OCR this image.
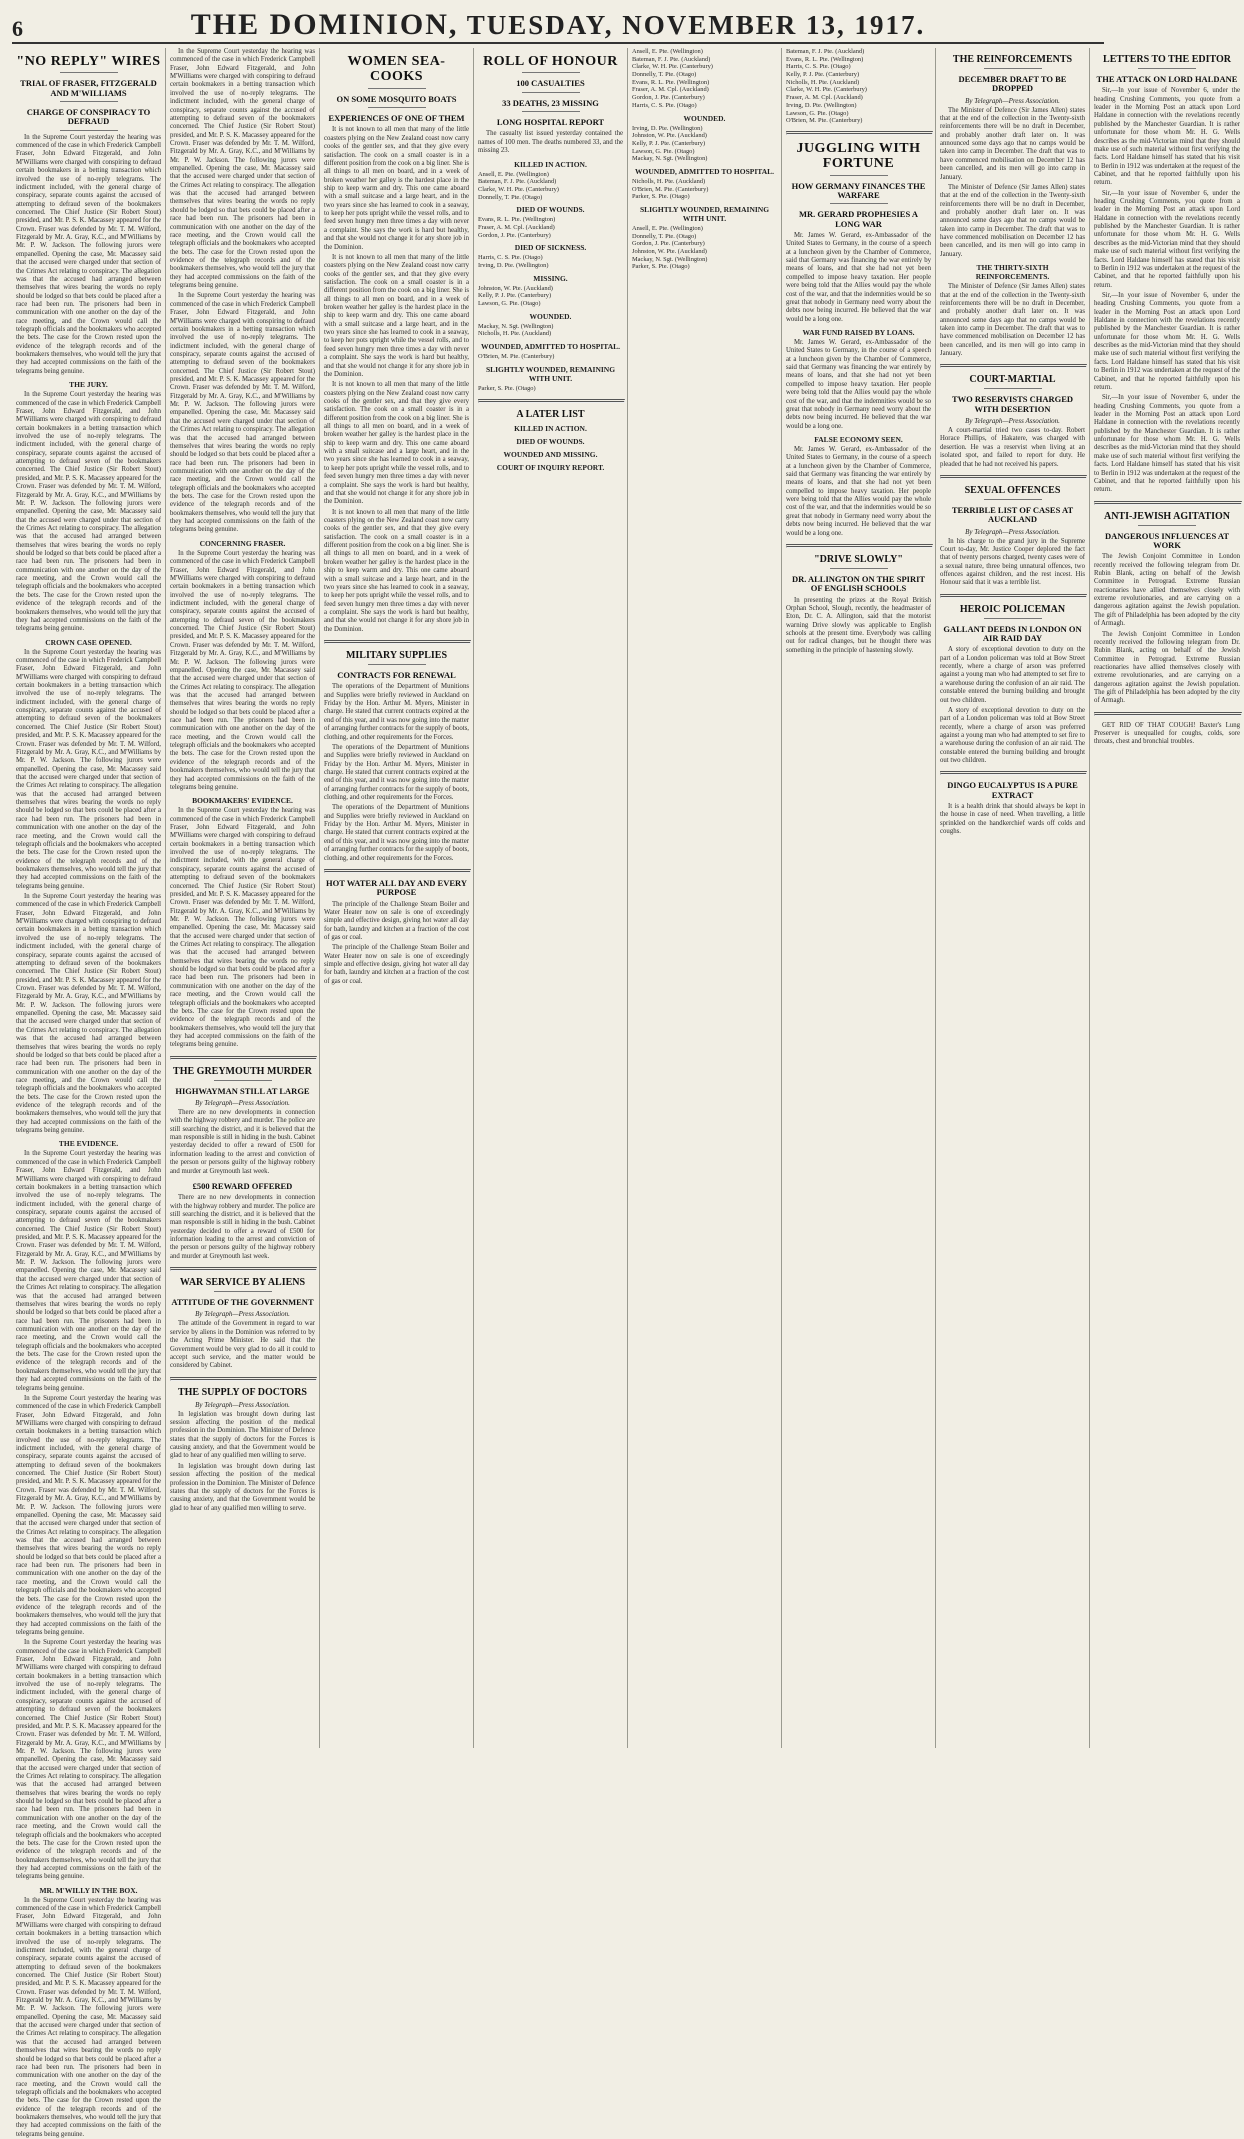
6	THE DOMINION, TUESDAY, NOVEMBER 13, 1917.
"NO REPLY" WIRES
TRIAL OF FRASER, FITZGERALD AND M'WILLIAMS
CHARGE OF CONSPIRACY TO DEFRAUD

In the Supreme Court yesterday the hearing was commenced of the case in which Frederick Campbell Fraser, John Edward Fitzgerald, and John M'Williams were charged with conspiring to defraud certain bookmakers in a betting transaction which involved the use of no-reply telegrams. The indictment included, with the general charge of conspiracy, separate counts against the accused of attempting to defraud seven of the bookmakers concerned. The Chief Justice (Sir Robert Stout) presided, and Mr. P. S. K. Macassey appeared for the Crown. Fraser was defended by Mr. T. M. Wilford, Fitzgerald by Mr. A. Gray, K.C., and M'Williams by Mr. P. W. Jackson. The following jurors were empanelled. Opening the case, Mr. Macassey said that the accused were charged under that section of the Crimes Act relating to conspiracy. The allegation was that the accused had arranged between themselves that wires bearing the words no reply should be lodged so that bets could be placed after a race had been run. The prisoners had been in communication with one another on the day of the race meeting, and the Crown would call the telegraph officials and the bookmakers who accepted the bets. The case for the Crown rested upon the evidence of the telegraph records and of the bookmakers themselves, who would tell the jury that they had accepted commissions on the faith of the telegrams being genuine.

THE JURY.

In the Supreme Court yesterday the hearing was commenced of the case in which Frederick Campbell Fraser, John Edward Fitzgerald, and John M'Williams were charged with conspiring to defraud certain bookmakers in a betting transaction which involved the use of no-reply telegrams. The indictment included, with the general charge of conspiracy, separate counts against the accused of attempting to defraud seven of the bookmakers concerned. The Chief Justice (Sir Robert Stout) presided, and Mr. P. S. K. Macassey appeared for the Crown. Fraser was defended by Mr. T. M. Wilford, Fitzgerald by Mr. A. Gray, K.C., and M'Williams by Mr. P. W. Jackson. The following jurors were empanelled. Opening the case, Mr. Macassey said that the accused were charged under that section of the Crimes Act relating to conspiracy. The allegation was that the accused had arranged between themselves that wires bearing the words no reply should be lodged so that bets could be placed after a race had been run. The prisoners had been in communication with one another on the day of the race meeting, and the Crown would call the telegraph officials and the bookmakers who accepted the bets. The case for the Crown rested upon the evidence of the telegraph records and of the bookmakers themselves, who would tell the jury that they had accepted commissions on the faith of the telegrams being genuine.

CROWN CASE OPENED.

In the Supreme Court yesterday the hearing was commenced of the case in which Frederick Campbell Fraser, John Edward Fitzgerald, and John M'Williams were charged with conspiring to defraud certain bookmakers in a betting transaction which involved the use of no-reply telegrams. The indictment included, with the general charge of conspiracy, separate counts against the accused of attempting to defraud seven of the bookmakers concerned. The Chief Justice (Sir Robert Stout) presided, and Mr. P. S. K. Macassey appeared for the Crown. Fraser was defended by Mr. T. M. Wilford, Fitzgerald by Mr. A. Gray, K.C., and M'Williams by Mr. P. W. Jackson. The following jurors were empanelled. Opening the case, Mr. Macassey said that the accused were charged under that section of the Crimes Act relating to conspiracy. The allegation was that the accused had arranged between themselves that wires bearing the words no reply should be lodged so that bets could be placed after a race had been run. The prisoners had been in communication with one another on the day of the race meeting, and the Crown would call the telegraph officials and the bookmakers who accepted the bets. The case for the Crown rested upon the evidence of the telegraph records and of the bookmakers themselves, who would tell the jury that they had accepted commissions on the faith of the telegrams being genuine.

In the Supreme Court yesterday the hearing was commenced of the case in which Frederick Campbell Fraser, John Edward Fitzgerald, and John M'Williams were charged with conspiring to defraud certain bookmakers in a betting transaction which involved the use of no-reply telegrams. The indictment included, with the general charge of conspiracy, separate counts against the accused of attempting to defraud seven of the bookmakers concerned. The Chief Justice (Sir Robert Stout) presided, and Mr. P. S. K. Macassey appeared for the Crown. Fraser was defended by Mr. T. M. Wilford, Fitzgerald by Mr. A. Gray, K.C., and M'Williams by Mr. P. W. Jackson. The following jurors were empanelled. Opening the case, Mr. Macassey said that the accused were charged under that section of the Crimes Act relating to conspiracy. The allegation was that the accused had arranged between themselves that wires bearing the words no reply should be lodged so that bets could be placed after a race had been run. The prisoners had been in communication with one another on the day of the race meeting, and the Crown would call the telegraph officials and the bookmakers who accepted the bets. The case for the Crown rested upon the evidence of the telegraph records and of the bookmakers themselves, who would tell the jury that they had accepted commissions on the faith of the telegrams being genuine.

THE EVIDENCE.

In the Supreme Court yesterday the hearing was commenced of the case in which Frederick Campbell Fraser, John Edward Fitzgerald, and John M'Williams were charged with conspiring to defraud certain bookmakers in a betting transaction which involved the use of no-reply telegrams. The indictment included, with the general charge of conspiracy, separate counts against the accused of attempting to defraud seven of the bookmakers concerned. The Chief Justice (Sir Robert Stout) presided, and Mr. P. S. K. Macassey appeared for the Crown. Fraser was defended by Mr. T. M. Wilford, Fitzgerald by Mr. A. Gray, K.C., and M'Williams by Mr. P. W. Jackson. The following jurors were empanelled. Opening the case, Mr. Macassey said that the accused were charged under that section of the Crimes Act relating to conspiracy. The allegation was that the accused had arranged between themselves that wires bearing the words no reply should be lodged so that bets could be placed after a race had been run. The prisoners had been in communication with one another on the day of the race meeting, and the Crown would call the telegraph officials and the bookmakers who accepted the bets. The case for the Crown rested upon the evidence of the telegraph records and of the bookmakers themselves, who would tell the jury that they had accepted commissions on the faith of the telegrams being genuine.

In the Supreme Court yesterday the hearing was commenced of the case in which Frederick Campbell Fraser, John Edward Fitzgerald, and John M'Williams were charged with conspiring to defraud certain bookmakers in a betting transaction which involved the use of no-reply telegrams. The indictment included, with the general charge of conspiracy, separate counts against the accused of attempting to defraud seven of the bookmakers concerned. The Chief Justice (Sir Robert Stout) presided, and Mr. P. S. K. Macassey appeared for the Crown. Fraser was defended by Mr. T. M. Wilford, Fitzgerald by Mr. A. Gray, K.C., and M'Williams by Mr. P. W. Jackson. The following jurors were empanelled. Opening the case, Mr. Macassey said that the accused were charged under that section of the Crimes Act relating to conspiracy. The allegation was that the accused had arranged between themselves that wires bearing the words no reply should be lodged so that bets could be placed after a race had been run. The prisoners had been in communication with one another on the day of the race meeting, and the Crown would call the telegraph officials and the bookmakers who accepted the bets. The case for the Crown rested upon the evidence of the telegraph records and of the bookmakers themselves, who would tell the jury that they had accepted commissions on the faith of the telegrams being genuine.

In the Supreme Court yesterday the hearing was commenced of the case in which Frederick Campbell Fraser, John Edward Fitzgerald, and John M'Williams were charged with conspiring to defraud certain bookmakers in a betting transaction which involved the use of no-reply telegrams. The indictment included, with the general charge of conspiracy, separate counts against the accused of attempting to defraud seven of the bookmakers concerned. The Chief Justice (Sir Robert Stout) presided, and Mr. P. S. K. Macassey appeared for the Crown. Fraser was defended by Mr. T. M. Wilford, Fitzgerald by Mr. A. Gray, K.C., and M'Williams by Mr. P. W. Jackson. The following jurors were empanelled. Opening the case, Mr. Macassey said that the accused were charged under that section of the Crimes Act relating to conspiracy. The allegation was that the accused had arranged between themselves that wires bearing the words no reply should be lodged so that bets could be placed after a race had been run. The prisoners had been in communication with one another on the day of the race meeting, and the Crown would call the telegraph officials and the bookmakers who accepted the bets. The case for the Crown rested upon the evidence of the telegraph records and of the bookmakers themselves, who would tell the jury that they had accepted commissions on the faith of the telegrams being genuine.

MR. M'WILLY IN THE BOX.

In the Supreme Court yesterday the hearing was commenced of the case in which Frederick Campbell Fraser, John Edward Fitzgerald, and John M'Williams were charged with conspiring to defraud certain bookmakers in a betting transaction which involved the use of no-reply telegrams. The indictment included, with the general charge of conspiracy, separate counts against the accused of attempting to defraud seven of the bookmakers concerned. The Chief Justice (Sir Robert Stout) presided, and Mr. P. S. K. Macassey appeared for the Crown. Fraser was defended by Mr. T. M. Wilford, Fitzgerald by Mr. A. Gray, K.C., and M'Williams by Mr. P. W. Jackson. The following jurors were empanelled. Opening the case, Mr. Macassey said that the accused were charged under that section of the Crimes Act relating to conspiracy. The allegation was that the accused had arranged between themselves that wires bearing the words no reply should be lodged so that bets could be placed after a race had been run. The prisoners had been in communication with one another on the day of the race meeting, and the Crown would call the telegraph officials and the bookmakers who accepted the bets. The case for the Crown rested upon the evidence of the telegraph records and of the bookmakers themselves, who would tell the jury that they had accepted commissions on the faith of the telegrams being genuine.

In the Supreme Court yesterday the hearing was commenced of the case in which Frederick Campbell Fraser, John Edward Fitzgerald, and John M'Williams were charged with conspiring to defraud certain bookmakers in a betting transaction which involved the use of no-reply telegrams. The indictment included, with the general charge of conspiracy, separate counts against the accused of attempting to defraud seven of the bookmakers concerned. The Chief Justice (Sir Robert Stout) presided, and Mr. P. S. K. Macassey appeared for the Crown. Fraser was defended by Mr. T. M. Wilford, Fitzgerald by Mr. A. Gray, K.C., and M'Williams by Mr. P. W. Jackson. The following jurors were empanelled. Opening the case, Mr. Macassey said that the accused were charged under that section of the Crimes Act relating to conspiracy. The allegation was that the accused had arranged between themselves that wires bearing the words no reply should be lodged so that bets could be placed after a race had been run. The prisoners had been in communication with one another on the day of the race meeting, and the Crown would call the telegraph officials and the bookmakers who accepted the bets. The case for the Crown rested upon the evidence of the telegraph records and of the bookmakers themselves, who would tell the jury that they had accepted commissions on the faith of the telegrams being genuine.

In the Supreme Court yesterday the hearing was commenced of the case in which Frederick Campbell Fraser, John Edward Fitzgerald, and John M'Williams were charged with conspiring to defraud certain bookmakers in a betting transaction which involved the use of no-reply telegrams. The indictment included, with the general charge of conspiracy, separate counts against the accused of attempting to defraud seven of the bookmakers concerned. The Chief Justice (Sir Robert Stout) presided, and Mr. P. S. K. Macassey appeared for the Crown. Fraser was defended by Mr. T. M. Wilford, Fitzgerald by Mr. A. Gray, K.C., and M'Williams by Mr. P. W. Jackson. The following jurors were empanelled. Opening the case, Mr. Macassey said that the accused were charged under that section of the Crimes Act relating to conspiracy. The allegation was that the accused had arranged between themselves that wires bearing the words no reply should be lodged so that bets could be placed after a race had been run. The prisoners had been in communication with one another on the day of the race meeting, and the Crown would call the telegraph officials and the bookmakers who accepted the bets. The case for the Crown rested upon the evidence of the telegraph records and of the bookmakers themselves, who would tell the jury that they had accepted commissions on the faith of the telegrams being genuine.

CONCERNING FRASER.

In the Supreme Court yesterday the hearing was commenced of the case in which Frederick Campbell Fraser, John Edward Fitzgerald, and John M'Williams were charged with conspiring to defraud certain bookmakers in a betting transaction which involved the use of no-reply telegrams. The indictment included, with the general charge of conspiracy, separate counts against the accused of attempting to defraud seven of the bookmakers concerned. The Chief Justice (Sir Robert Stout) presided, and Mr. P. S. K. Macassey appeared for the Crown. Fraser was defended by Mr. T. M. Wilford, Fitzgerald by Mr. A. Gray, K.C., and M'Williams by Mr. P. W. Jackson. The following jurors were empanelled. Opening the case, Mr. Macassey said that the accused were charged under that section of the Crimes Act relating to conspiracy. The allegation was that the accused had arranged between themselves that wires bearing the words no reply should be lodged so that bets could be placed after a race had been run. The prisoners had been in communication with one another on the day of the race meeting, and the Crown would call the telegraph officials and the bookmakers who accepted the bets. The case for the Crown rested upon the evidence of the telegraph records and of the bookmakers themselves, who would tell the jury that they had accepted commissions on the faith of the telegrams being genuine.

BOOKMAKERS' EVIDENCE.

In the Supreme Court yesterday the hearing was commenced of the case in which Frederick Campbell Fraser, John Edward Fitzgerald, and John M'Williams were charged with conspiring to defraud certain bookmakers in a betting transaction which involved the use of no-reply telegrams. The indictment included, with the general charge of conspiracy, separate counts against the accused of attempting to defraud seven of the bookmakers concerned. The Chief Justice (Sir Robert Stout) presided, and Mr. P. S. K. Macassey appeared for the Crown. Fraser was defended by Mr. T. M. Wilford, Fitzgerald by Mr. A. Gray, K.C., and M'Williams by Mr. P. W. Jackson. The following jurors were empanelled. Opening the case, Mr. Macassey said that the accused were charged under that section of the Crimes Act relating to conspiracy. The allegation was that the accused had arranged between themselves that wires bearing the words no reply should be lodged so that bets could be placed after a race had been run. The prisoners had been in communication with one another on the day of the race meeting, and the Crown would call the telegraph officials and the bookmakers who accepted the bets. The case for the Crown rested upon the evidence of the telegraph records and of the bookmakers themselves, who would tell the jury that they had accepted commissions on the faith of the telegrams being genuine.

THE GREYMOUTH MURDER
HIGHWAYMAN STILL AT LARGE
By Telegraph—Press Association.

There are no new developments in connection with the highway robbery and murder. The police are still searching the district, and it is believed that the man responsible is still in hiding in the bush. Cabinet yesterday decided to offer a reward of £500 for information leading to the arrest and conviction of the person or persons guilty of the highway robbery and murder at Greymouth last week.

£500 REWARD OFFERED

There are no new developments in connection with the highway robbery and murder. The police are still searching the district, and it is believed that the man responsible is still in hiding in the bush. Cabinet yesterday decided to offer a reward of £500 for information leading to the arrest and conviction of the person or persons guilty of the highway robbery and murder at Greymouth last week.

WAR SERVICE BY ALIENS
ATTITUDE OF THE GOVERNMENT
By Telegraph—Press Association.

The attitude of the Government in regard to war service by aliens in the Dominion was referred to by the Acting Prime Minister. He said that the Government would be very glad to do all it could to accept such service, and the matter would be considered by Cabinet.

THE SUPPLY OF DOCTORS
By Telegraph—Press Association.

In legislation was brought down during last session affecting the position of the medical profession in the Dominion. The Minister of Defence states that the supply of doctors for the Forces is causing anxiety, and that the Government would be glad to hear of any qualified men willing to serve.

In legislation was brought down during last session affecting the position of the medical profession in the Dominion. The Minister of Defence states that the supply of doctors for the Forces is causing anxiety, and that the Government would be glad to hear of any qualified men willing to serve.

WOMEN SEA-COOKS
ON SOME MOSQUITO BOATS
EXPERIENCES OF ONE OF THEM

It is not known to all men that many of the little coasters plying on the New Zealand coast now carry cooks of the gentler sex, and that they give every satisfaction. The cook on a small coaster is in a different position from the cook on a big liner. She is all things to all men on board, and in a week of broken weather her galley is the hardest place in the ship to keep warm and dry. This one came aboard with a small suitcase and a large heart, and in the two years since she has learned to cook in a seaway, to keep her pots upright while the vessel rolls, and to feed seven hungry men three times a day with never a complaint. She says the work is hard but healthy, and that she would not change it for any shore job in the Dominion.

It is not known to all men that many of the little coasters plying on the New Zealand coast now carry cooks of the gentler sex, and that they give every satisfaction. The cook on a small coaster is in a different position from the cook on a big liner. She is all things to all men on board, and in a week of broken weather her galley is the hardest place in the ship to keep warm and dry. This one came aboard with a small suitcase and a large heart, and in the two years since she has learned to cook in a seaway, to keep her pots upright while the vessel rolls, and to feed seven hungry men three times a day with never a complaint. She says the work is hard but healthy, and that she would not change it for any shore job in the Dominion.

It is not known to all men that many of the little coasters plying on the New Zealand coast now carry cooks of the gentler sex, and that they give every satisfaction. The cook on a small coaster is in a different position from the cook on a big liner. She is all things to all men on board, and in a week of broken weather her galley is the hardest place in the ship to keep warm and dry. This one came aboard with a small suitcase and a large heart, and in the two years since she has learned to cook in a seaway, to keep her pots upright while the vessel rolls, and to feed seven hungry men three times a day with never a complaint. She says the work is hard but healthy, and that she would not change it for any shore job in the Dominion.

It is not known to all men that many of the little coasters plying on the New Zealand coast now carry cooks of the gentler sex, and that they give every satisfaction. The cook on a small coaster is in a different position from the cook on a big liner. She is all things to all men on board, and in a week of broken weather her galley is the hardest place in the ship to keep warm and dry. This one came aboard with a small suitcase and a large heart, and in the two years since she has learned to cook in a seaway, to keep her pots upright while the vessel rolls, and to feed seven hungry men three times a day with never a complaint. She says the work is hard but healthy, and that she would not change it for any shore job in the Dominion.

MILITARY SUPPLIES
CONTRACTS FOR RENEWAL

The operations of the Department of Munitions and Supplies were briefly reviewed in Auckland on Friday by the Hon. Arthur M. Myers, Minister in charge. He stated that current contracts expired at the end of this year, and it was now going into the matter of arranging further contracts for the supply of boots, clothing, and other requirements for the Forces.

The operations of the Department of Munitions and Supplies were briefly reviewed in Auckland on Friday by the Hon. Arthur M. Myers, Minister in charge. He stated that current contracts expired at the end of this year, and it was now going into the matter of arranging further contracts for the supply of boots, clothing, and other requirements for the Forces.

The operations of the Department of Munitions and Supplies were briefly reviewed in Auckland on Friday by the Hon. Arthur M. Myers, Minister in charge. He stated that current contracts expired at the end of this year, and it was now going into the matter of arranging further contracts for the supply of boots, clothing, and other requirements for the Forces.

HOT WATER ALL DAY AND EVERY PURPOSE

The principle of the Challenge Steam Boiler and Water Heater now on sale is one of exceedingly simple and effective design, giving hot water all day for bath, laundry and kitchen at a fraction of the cost of gas or coal.

The principle of the Challenge Steam Boiler and Water Heater now on sale is one of exceedingly simple and effective design, giving hot water all day for bath, laundry and kitchen at a fraction of the cost of gas or coal.

ROLL OF HONOUR
100 CASUALTIES
33 DEATHS, 23 MISSING
LONG HOSPITAL REPORT

The casualty list issued yesterday contained the names of 100 men. The deaths numbered 33, and the missing 23.

KILLED IN ACTION.
Ansell, E. Pte. (Wellington)
Bateman, F. J. Pte. (Auckland)
Clarke, W. H. Pte. (Canterbury)
Donnelly, T. Pte. (Otago)
DIED OF WOUNDS.
Evans, R. L. Pte. (Wellington)
Fraser, A. M. Cpl. (Auckland)
Gordon, J. Pte. (Canterbury)
DIED OF SICKNESS.
Harris, C. S. Pte. (Otago)
Irving, D. Pte. (Wellington)
MISSING.
Johnston, W. Pte. (Auckland)
Kelly, P. J. Pte. (Canterbury)
Lawson, G. Pte. (Otago)
WOUNDED.
Mackay, N. Sgt. (Wellington)
Nicholls, H. Pte. (Auckland)
WOUNDED, ADMITTED TO HOSPITAL.
O'Brien, M. Pte. (Canterbury)
SLIGHTLY WOUNDED, REMAINING WITH UNIT.
Parker, S. Pte. (Otago)
A LATER LIST
KILLED IN ACTION.
DIED OF WOUNDS.
WOUNDED AND MISSING.
COURT OF INQUIRY REPORT.
Ansell, E. Pte. (Wellington)
Bateman, F. J. Pte. (Auckland)
Clarke, W. H. Pte. (Canterbury)
Donnelly, T. Pte. (Otago)
Evans, R. L. Pte. (Wellington)
Fraser, A. M. Cpl. (Auckland)
Gordon, J. Pte. (Canterbury)
Harris, C. S. Pte. (Otago)
WOUNDED.
Irving, D. Pte. (Wellington)
Johnston, W. Pte. (Auckland)
Kelly, P. J. Pte. (Canterbury)
Lawson, G. Pte. (Otago)
Mackay, N. Sgt. (Wellington)
WOUNDED, ADMITTED TO HOSPITAL.
Nicholls, H. Pte. (Auckland)
O'Brien, M. Pte. (Canterbury)
Parker, S. Pte. (Otago)
SLIGHTLY WOUNDED, REMAINING WITH UNIT.
Ansell, E. Pte. (Wellington)
Donnelly, T. Pte. (Otago)
Gordon, J. Pte. (Canterbury)
Johnston, W. Pte. (Auckland)
Mackay, N. Sgt. (Wellington)
Parker, S. Pte. (Otago)
Bateman, F. J. Pte. (Auckland)
Evans, R. L. Pte. (Wellington)
Harris, C. S. Pte. (Otago)
Kelly, P. J. Pte. (Canterbury)
Nicholls, H. Pte. (Auckland)
Clarke, W. H. Pte. (Canterbury)
Fraser, A. M. Cpl. (Auckland)
Irving, D. Pte. (Wellington)
Lawson, G. Pte. (Otago)
O'Brien, M. Pte. (Canterbury)
JUGGLING WITH FORTUNE
HOW GERMANY FINANCES THE WARFARE
MR. GERARD PROPHESIES A LONG WAR

Mr. James W. Gerard, ex-Ambassador of the United States to Germany, in the course of a speech at a luncheon given by the Chamber of Commerce, said that Germany was financing the war entirely by means of loans, and that she had not yet been compelled to impose heavy taxation. Her people were being told that the Allies would pay the whole cost of the war, and that the indemnities would be so great that nobody in Germany need worry about the debts now being incurred. He believed that the war would be a long one.

WAR FUND RAISED BY LOANS.

Mr. James W. Gerard, ex-Ambassador of the United States to Germany, in the course of a speech at a luncheon given by the Chamber of Commerce, said that Germany was financing the war entirely by means of loans, and that she had not yet been compelled to impose heavy taxation. Her people were being told that the Allies would pay the whole cost of the war, and that the indemnities would be so great that nobody in Germany need worry about the debts now being incurred. He believed that the war would be a long one.

FALSE ECONOMY SEEN.

Mr. James W. Gerard, ex-Ambassador of the United States to Germany, in the course of a speech at a luncheon given by the Chamber of Commerce, said that Germany was financing the war entirely by means of loans, and that she had not yet been compelled to impose heavy taxation. Her people were being told that the Allies would pay the whole cost of the war, and that the indemnities would be so great that nobody in Germany need worry about the debts now being incurred. He believed that the war would be a long one.

"DRIVE SLOWLY"
DR. ALLINGTON ON THE SPIRIT OF ENGLISH SCHOOLS

In presenting the prizes at the Royal British Orphan School, Slough, recently, the headmaster of Eton, Dr. C. A. Allington, said that the motorist warning Drive slowly was applicable to English schools at the present time. Everybody was calling out for radical changes, but he thought there was something in the principle of hastening slowly.

THE REINFORCEMENTS
DECEMBER DRAFT TO BE DROPPED
By Telegraph—Press Association.

The Minister of Defence (Sir James Allen) states that at the end of the collection in the Twenty-sixth reinforcements there will be no draft in December, and probably another draft later on. It was announced some days ago that no camps would be taken into camp in December. The draft that was to have commenced mobilisation on December 12 has been cancelled, and its men will go into camp in January.

The Minister of Defence (Sir James Allen) states that at the end of the collection in the Twenty-sixth reinforcements there will be no draft in December, and probably another draft later on. It was announced some days ago that no camps would be taken into camp in December. The draft that was to have commenced mobilisation on December 12 has been cancelled, and its men will go into camp in January.

THE THIRTY-SIXTH REINFORCEMENTS.

The Minister of Defence (Sir James Allen) states that at the end of the collection in the Twenty-sixth reinforcements there will be no draft in December, and probably another draft later on. It was announced some days ago that no camps would be taken into camp in December. The draft that was to have commenced mobilisation on December 12 has been cancelled, and its men will go into camp in January.

COURT-MARTIAL
TWO RESERVISTS CHARGED WITH DESERTION
By Telegraph—Press Association.

A court-martial tried two cases to-day. Robert Horace Phillips, of Hakatere, was charged with desertion. He was a reservist when living at an isolated spot, and failed to report for duty. He pleaded that he had not received his papers.

SEXUAL OFFENCES
TERRIBLE LIST OF CASES AT AUCKLAND
By Telegraph—Press Association.

In his charge to the grand jury in the Supreme Court to-day, Mr. Justice Cooper deplored the fact that of twenty persons charged, twenty cases were of a sexual nature, three being unnatural offences, two offences against children, and the rest incest. His Honour said that it was a terrible list.

HEROIC POLICEMAN
GALLANT DEEDS IN LONDON ON AIR RAID DAY

A story of exceptional devotion to duty on the part of a London policeman was told at Bow Street recently, where a charge of arson was preferred against a young man who had attempted to set fire to a warehouse during the confusion of an air raid. The constable entered the burning building and brought out two children.

A story of exceptional devotion to duty on the part of a London policeman was told at Bow Street recently, where a charge of arson was preferred against a young man who had attempted to set fire to a warehouse during the confusion of an air raid. The constable entered the burning building and brought out two children.

DINGO EUCALYPTUS IS A PURE EXTRACT

It is a health drink that should always be kept in the house in case of need. When travelling, a little sprinkled on the handkerchief wards off colds and coughs.

LETTERS TO THE EDITOR
THE ATTACK ON LORD HALDANE

Sir,—In your issue of November 6, under the heading Crushing Comments, you quote from a leader in the Morning Post an attack upon Lord Haldane in connection with the revelations recently published by the Manchester Guardian. It is rather unfortunate for those whom Mr. H. G. Wells describes as the mid-Victorian mind that they should make use of such material without first verifying the facts. Lord Haldane himself has stated that his visit to Berlin in 1912 was undertaken at the request of the Cabinet, and that he reported faithfully upon his return.

Sir,—In your issue of November 6, under the heading Crushing Comments, you quote from a leader in the Morning Post an attack upon Lord Haldane in connection with the revelations recently published by the Manchester Guardian. It is rather unfortunate for those whom Mr. H. G. Wells describes as the mid-Victorian mind that they should make use of such material without first verifying the facts. Lord Haldane himself has stated that his visit to Berlin in 1912 was undertaken at the request of the Cabinet, and that he reported faithfully upon his return.

Sir,—In your issue of November 6, under the heading Crushing Comments, you quote from a leader in the Morning Post an attack upon Lord Haldane in connection with the revelations recently published by the Manchester Guardian. It is rather unfortunate for those whom Mr. H. G. Wells describes as the mid-Victorian mind that they should make use of such material without first verifying the facts. Lord Haldane himself has stated that his visit to Berlin in 1912 was undertaken at the request of the Cabinet, and that he reported faithfully upon his return.

Sir,—In your issue of November 6, under the heading Crushing Comments, you quote from a leader in the Morning Post an attack upon Lord Haldane in connection with the revelations recently published by the Manchester Guardian. It is rather unfortunate for those whom Mr. H. G. Wells describes as the mid-Victorian mind that they should make use of such material without first verifying the facts. Lord Haldane himself has stated that his visit to Berlin in 1912 was undertaken at the request of the Cabinet, and that he reported faithfully upon his return.

ANTI-JEWISH AGITATION
DANGEROUS INFLUENCES AT WORK

The Jewish Conjoint Committee in London recently received the following telegram from Dr. Rubin Blank, acting on behalf of the Jewish Committee in Petrograd. Extreme Russian reactionaries have allied themselves closely with extreme revolutionaries, and are carrying on a dangerous agitation against the Jewish population. The gift of Philadelphia has been adopted by the city of Armagh.

The Jewish Conjoint Committee in London recently received the following telegram from Dr. Rubin Blank, acting on behalf of the Jewish Committee in Petrograd. Extreme Russian reactionaries have allied themselves closely with extreme revolutionaries, and are carrying on a dangerous agitation against the Jewish population. The gift of Philadelphia has been adopted by the city of Armagh.

GET RID OF THAT COUGH! Baxter's Lung Preserver is unequalled for coughs, colds, sore throats, chest and bronchial troubles.
